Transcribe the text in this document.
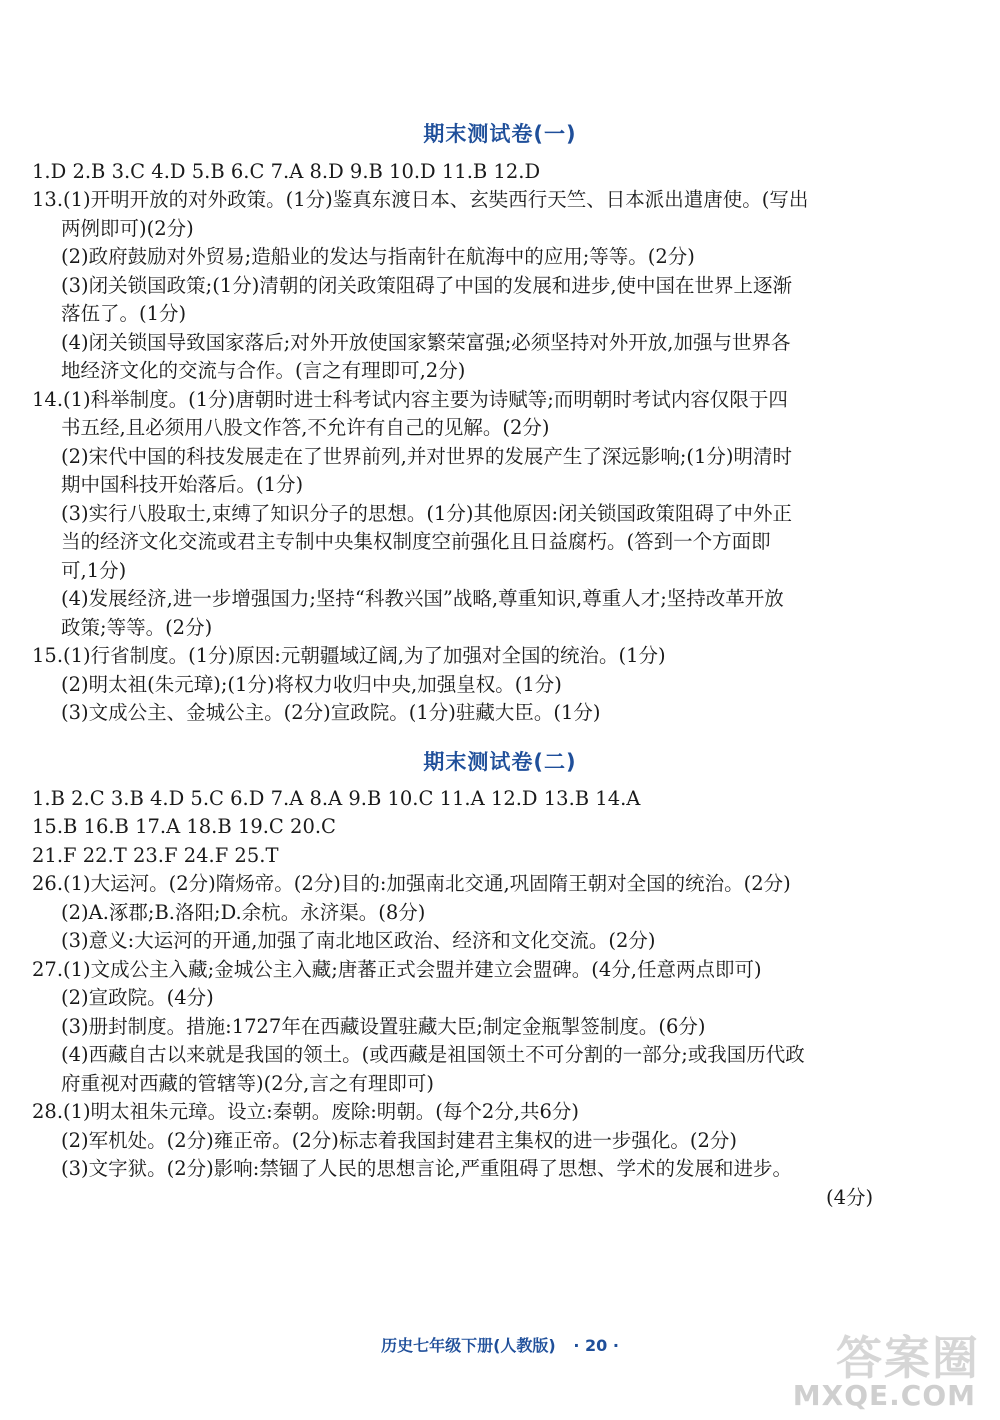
期末测试卷(一)
1.D 2.B 3.C 4.D 5.B 6.C 7.A 8.D 9.B 10.D 11.B 12.D
13.(1)开明开放的对外政策。(1分)鉴真东渡日本、玄奘西行天竺、日本派出遣唐使。(写出
两例即可)(2分)
(2)政府鼓励对外贸易;造船业的发达与指南针在航海中的应用;等等。(2分)
(3)闭关锁国政策;(1分)清朝的闭关政策阻碍了中国的发展和进步,使中国在世界上逐渐
落伍了。(1分)
(4)闭关锁国导致国家落后;对外开放使国家繁荣富强;必须坚持对外开放,加强与世界各
地经济文化的交流与合作。(言之有理即可,2分)
14.(1)科举制度。(1分)唐朝时进士科考试内容主要为诗赋等;而明朝时考试内容仅限于四
书五经,且必须用八股文作答,不允许有自己的见解。(2分)
(2)宋代中国的科技发展走在了世界前列,并对世界的发展产生了深远影响;(1分)明清时
期中国科技开始落后。(1分)
(3)实行八股取士,束缚了知识分子的思想。(1分)其他原因:闭关锁国政策阻碍了中外正
当的经济文化交流或君主专制中央集权制度空前强化且日益腐朽。(答到一个方面即
可,1分)
(4)发展经济,进一步增强国力;坚持“科教兴国”战略,尊重知识,尊重人才;坚持改革开放
政策;等等。(2分)
15.(1)行省制度。(1分)原因:元朝疆域辽阔,为了加强对全国的统治。(1分)
(2)明太祖(朱元璋);(1分)将权力收归中央,加强皇权。(1分)
(3)文成公主、金城公主。(2分)宣政院。(1分)驻藏大臣。(1分)
期末测试卷(二)
1.B 2.C 3.B 4.D 5.C 6.D 7.A 8.A 9.B 10.C 11.A 12.D 13.B 14.A
15.B 16.B 17.A 18.B 19.C 20.C
21.F 22.T 23.F 24.F 25.T
26.(1)大运河。(2分)隋炀帝。(2分)目的:加强南北交通,巩固隋王朝对全国的统治。(2分)
(2)A.涿郡;B.洛阳;D.余杭。永济渠。(8分)
(3)意义:大运河的开通,加强了南北地区政治、经济和文化交流。(2分)
27.(1)文成公主入藏;金城公主入藏;唐蕃正式会盟并建立会盟碑。(4分,任意两点即可)
(2)宣政院。(4分)
(3)册封制度。措施:1727年在西藏设置驻藏大臣;制定金瓶掣签制度。(6分)
(4)西藏自古以来就是我国的领土。(或西藏是祖国领土不可分割的一部分;或我国历代政
府重视对西藏的管辖等)(2分,言之有理即可)
28.(1)明太祖朱元璋。设立:秦朝。废除:明朝。(每个2分,共6分)
(2)军机处。(2分)雍正帝。(2分)标志着我国封建君主集权的进一步强化。(2分)
(3)文字狱。(2分)影响:禁锢了人民的思想言论,严重阻碍了思想、学术的发展和进步。
(4分)
历史七年级下册(人教版) · 20 ·	答案圈
MXQE.COM
